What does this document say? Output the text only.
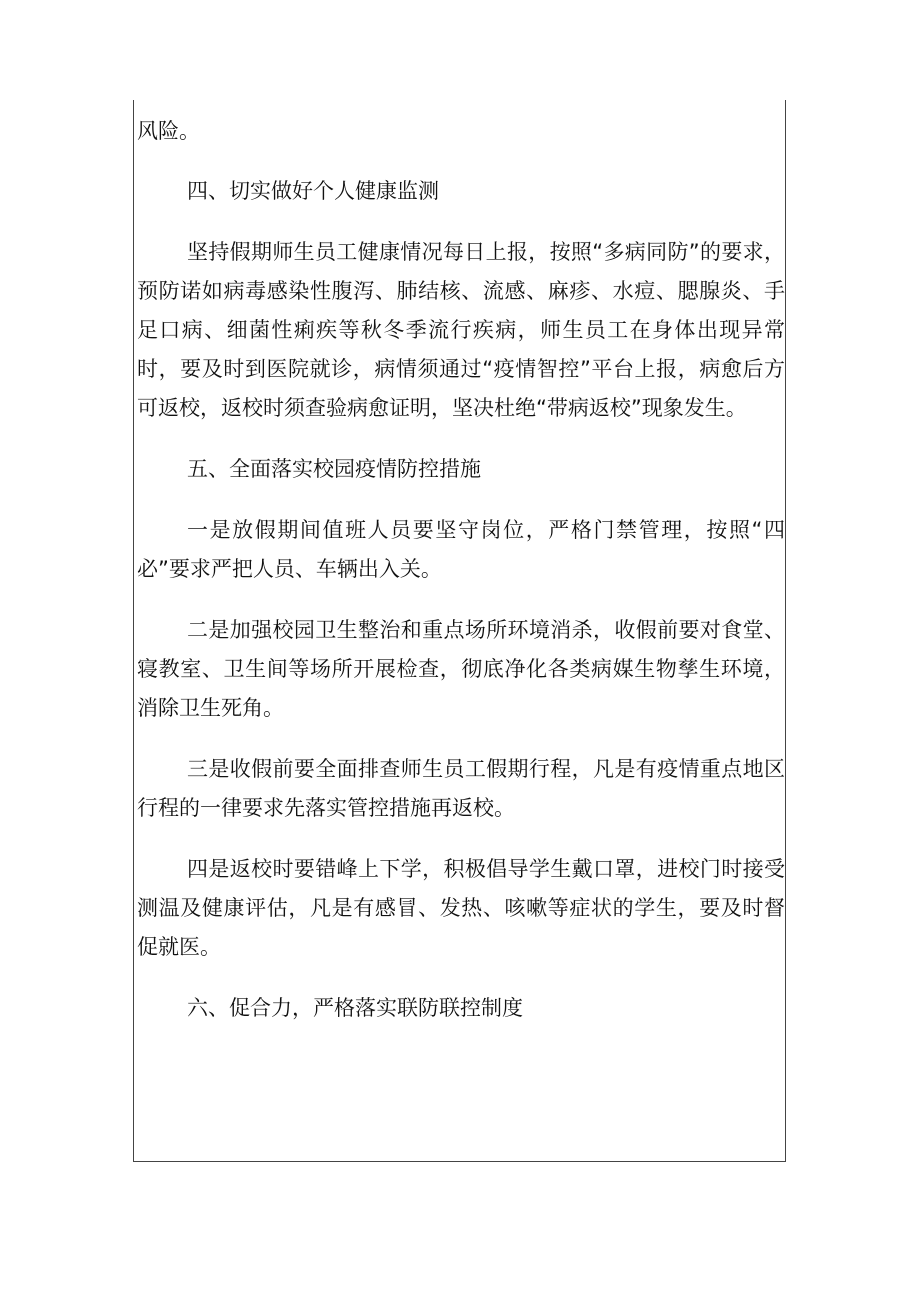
风险。

四、切实做好个人健康监测

坚持假期师生员工健康情况每日上报，按照“多病同防”的要求，预防诺如病毒感染性腹泻、肺结核、流感、麻疹、水痘、腮腺炎、手足口病、细菌性痢疾等秋冬季流行疾病，师生员工在身体出现异常时，要及时到医院就诊，病情须通过“疫情智控”平台上报，病愈后方可返校，返校时须查验病愈证明，坚决杜绝“带病返校”现象发生。

五、全面落实校园疫情防控措施

一是放假期间值班人员要坚守岗位，严格门禁管理，按照“四必”要求严把人员、车辆出入关。

二是加强校园卫生整治和重点场所环境消杀，收假前要对食堂、寝教室、卫生间等场所开展检查，彻底净化各类病媒生物孳生环境，消除卫生死角。

三是收假前要全面排查师生员工假期行程，凡是有疫情重点地区行程的一律要求先落实管控措施再返校。

四是返校时要错峰上下学，积极倡导学生戴口罩，进校门时接受测温及健康评估，凡是有感冒、发热、咳嗽等症状的学生，要及时督促就医。

六、促合力，严格落实联防联控制度
